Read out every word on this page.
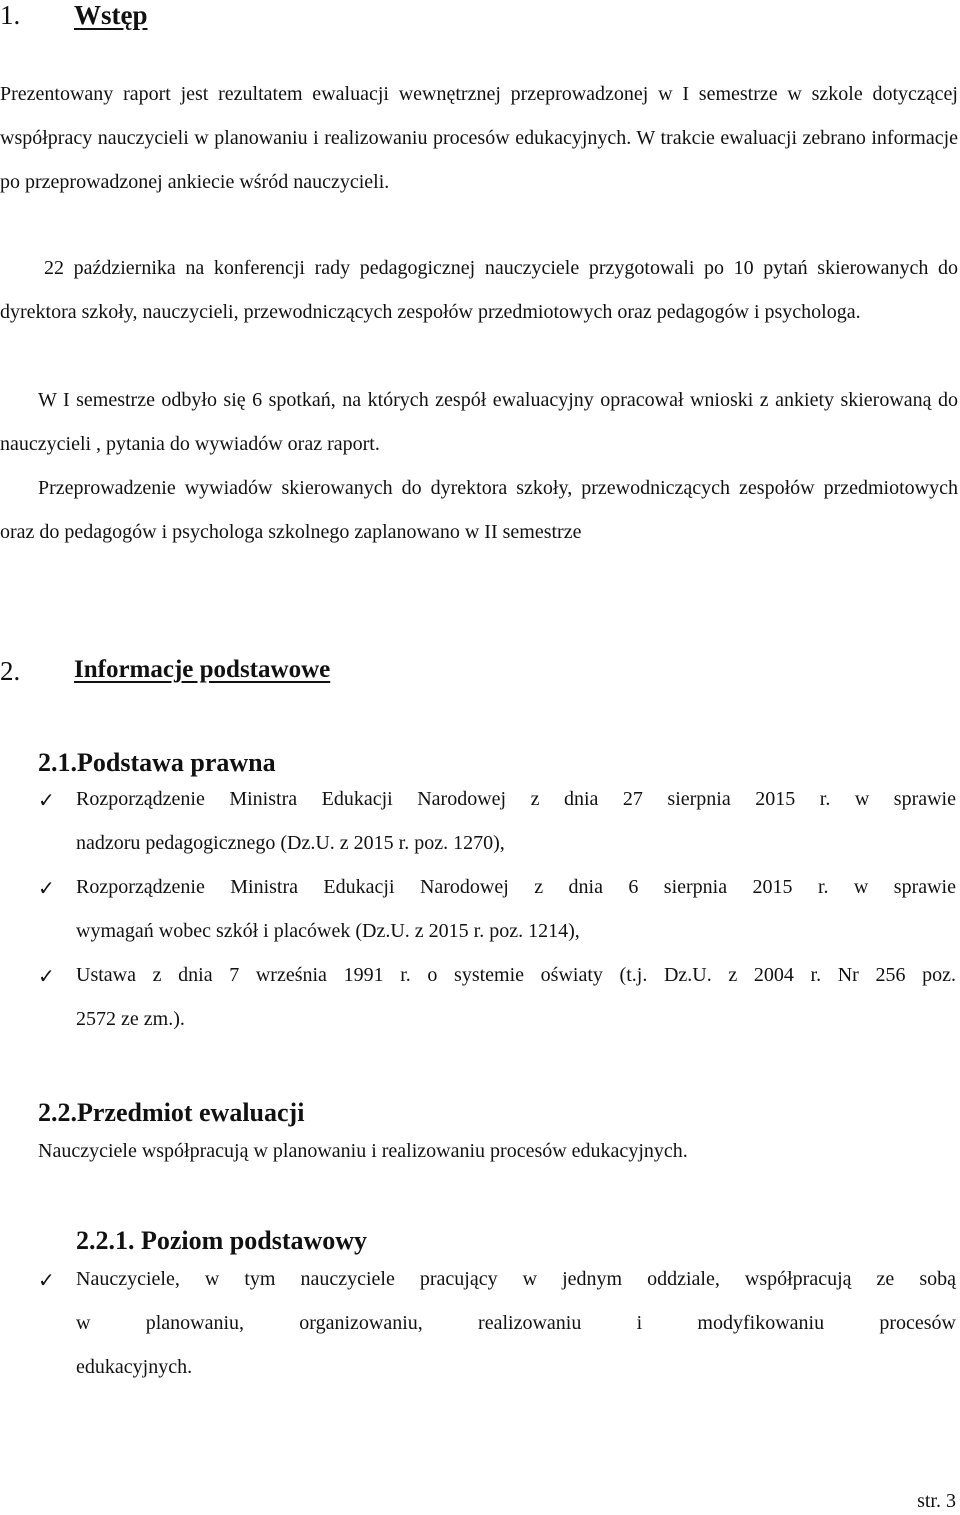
1. Wstęp
Prezentowany raport jest rezultatem ewaluacji wewnętrznej przeprowadzonej w I semestrze w szkole dotyczącej współpracy nauczycieli w planowaniu i realizowaniu procesów edukacyjnych. W trakcie ewaluacji zebrano informacje po przeprowadzonej ankiecie wśród nauczycieli.
22 października na konferencji rady pedagogicznej nauczyciele przygotowali po 10 pytań skierowanych do dyrektora szkoły, nauczycieli, przewodniczących zespołów przedmiotowych oraz pedagogów i psychologa.
W I semestrze odbyło się 6 spotkań, na których zespół ewaluacyjny opracował wnioski z ankiety skierowaną do nauczycieli , pytania do wywiadów oraz raport.
Przeprowadzenie wywiadów skierowanych do dyrektora szkoły, przewodniczących zespołów przedmiotowych oraz do pedagogów i psychologa szkolnego zaplanowano w II semestrze
2. Informacje podstawowe
2.1.Podstawa prawna
✓ Rozporządzenie Ministra Edukacji Narodowej z dnia 27 sierpnia 2015 r. w sprawie
nadzoru pedagogicznego (Dz.U. z 2015 r. poz. 1270),
✓ Rozporządzenie Ministra Edukacji Narodowej z dnia 6 sierpnia 2015 r. w sprawie
wymagań wobec szkół i placówek (Dz.U. z 2015 r. poz. 1214),
✓ Ustawa z dnia 7 września 1991 r. o systemie oświaty (t.j. Dz.U. z 2004 r. Nr 256 poz.
2572 ze zm.).
2.2.Przedmiot ewaluacji
Nauczyciele współpracują w planowaniu i realizowaniu procesów edukacyjnych.
2.2.1. Poziom podstawowy
✓ Nauczyciele, w tym nauczyciele pracujący w jednym oddziale, współpracują ze sobą
w planowaniu, organizowaniu, realizowaniu i modyfikowaniu procesów
edukacyjnych.
str. 3
